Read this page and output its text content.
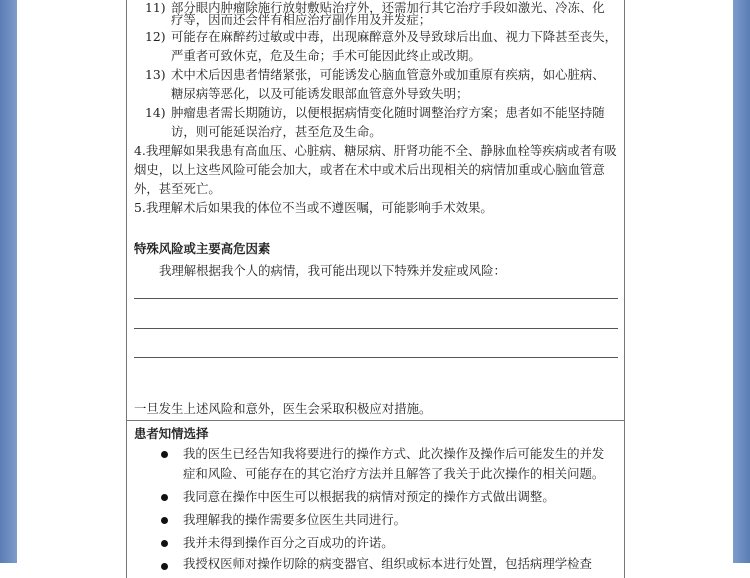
11) 部分眼内肿瘤除施行放射敷贴治疗外，还需加行其它治疗手段如激光、冷冻、化
疗等，因而还会伴有相应治疗副作用及并发症；
12) 可能存在麻醉药过敏或中毒，出现麻醉意外及导致球后出血、视力下降甚至丧失，
严重者可致休克，危及生命；手术可能因此终止或改期。
13) 术中术后因患者情绪紧张，可能诱发心脑血管意外或加重原有疾病，如心脏病、
糖尿病等恶化，以及可能诱发眼部血管意外导致失明；
14) 肿瘤患者需长期随访，以便根据病情变化随时调整治疗方案；患者如不能坚持随
访，则可能延误治疗，甚至危及生命。
4.我理解如果我患有高血压、心脏病、糖尿病、肝肾功能不全、静脉血栓等疾病或者有吸
烟史，以上这些风险可能会加大，或者在术中或术后出现相关的病情加重或心脑血管意
外，甚至死亡。
5.我理解术后如果我的体位不当或不遵医嘱，可能影响手术效果。
特殊风险或主要高危因素
我理解根据我个人的病情，我可能出现以下特殊并发症或风险：
一旦发生上述风险和意外，医生会采取积极应对措施。
患者知情选择
我的医生已经告知我将要进行的操作方式、此次操作及操作后可能发生的并发
症和风险、可能存在的其它治疗方法并且解答了我关于此次操作的相关问题。
我同意在操作中医生可以根据我的病情对预定的操作方式做出调整。
我理解我的操作需要多位医生共同进行。
我并未得到操作百分之百成功的许诺。
我授权医师对操作切除的病变器官、组织或标本进行处置，包括病理学检查
